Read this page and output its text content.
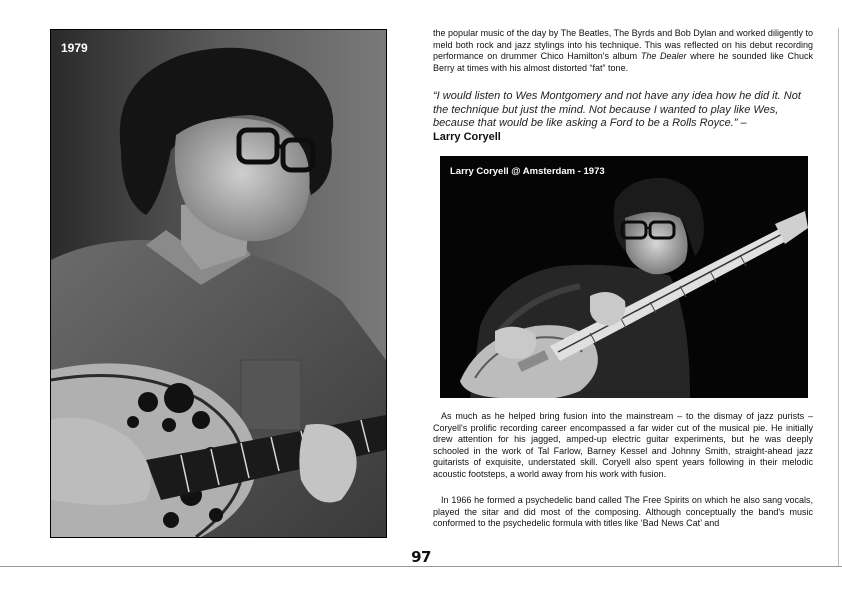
1979

the popular music of the day by The Beatles, The Byrds and Bob Dylan and worked diligently to meld both rock and jazz stylings into his technique. This was reflected on his debut recording performance on drummer Chico Hamilton's album The Dealer where he sounded like Chuck Berry at times with his almost distorted “fat” tone.

“I would listen to Wes Montgomery and not have any idea how he did it. Not the technique but just the mind. Not because I wanted to play like Wes, because that would be like asking a Ford to be a Rolls Royce.” –

Larry Coryell

Larry Coryell @ Amsterdam - 1973

As much as he helped bring fusion into the mainstream – to the dismay of jazz purists – Coryell's prolific recording career encompassed a far wider cut of the musical pie. He initially drew attention for his jagged, amped-up electric guitar experiments, but he was deeply schooled in the work of Tal Farlow, Barney Kessel and Johnny Smith, straight-ahead jazz guitarists of exquisite, understated skill. Coryell also spent years following in their melodic acoustic footsteps, a world away from his work with fusion.

In 1966 he formed a psychedelic band called The Free Spirits on which he also sang vocals, played the sitar and did most of the composing. Although conceptually the band's music conformed to the psychedelic formula with titles like ‘Bad News Cat’ and

97
